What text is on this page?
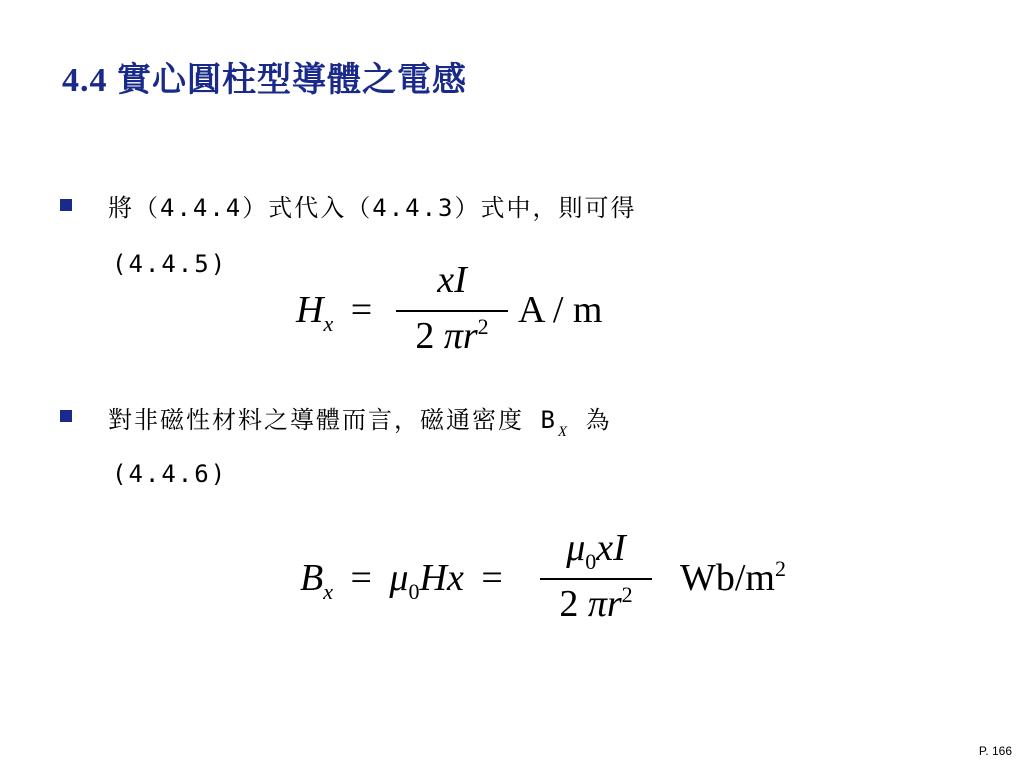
4.4 實心圓柱型導體之電感
將（4.4.4）式代入（4.4.3）式中，則可得
(4.4.5)
$H_x$ =
xI
2 $\pi r^2$ A / m
對非磁性材料之導體而言，磁通密度 $B_X$ 為
(4.4.6)
$B_x = \mu_0Hx$ =
$\mu_0xI$
2 $\pi r^2$	$Wb/m^2$
P. 166
